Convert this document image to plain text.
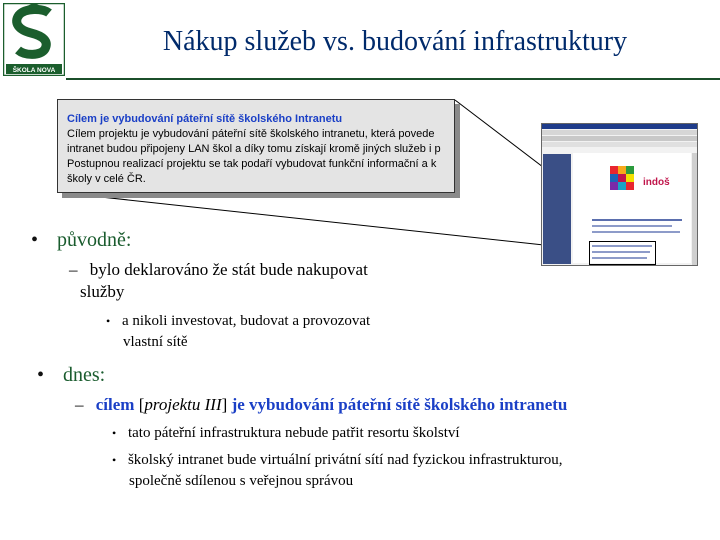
ŠKOLA NOVA
Nákup služeb vs. budování infrastruktury
Cílem je vybudování páteřní sítě školského Intranetu
Cílem projektu je vybudování páteřní sítě školského intranetu, která povede
intranet budou připojeny LAN škol a díky tomu získají kromě jiných služeb i p
Postupnou realizací projektu se tak podaří vybudovat funkční informační a k
školy v celé ČR.	indoš
• původně:
– bylo deklarováno že stát bude nakupovat
služby
• a nikoli investovat, budovat a provozovat
vlastní sítě
• dnes:
– cílem [projektu III] je vybudování páteřní sítě školského intranetu
• tato páteřní infrastruktura nebude patřit resortu školství
• školský intranet bude virtuální privátní sítí nad fyzickou infrastrukturou,
společně sdílenou s veřejnou správou
